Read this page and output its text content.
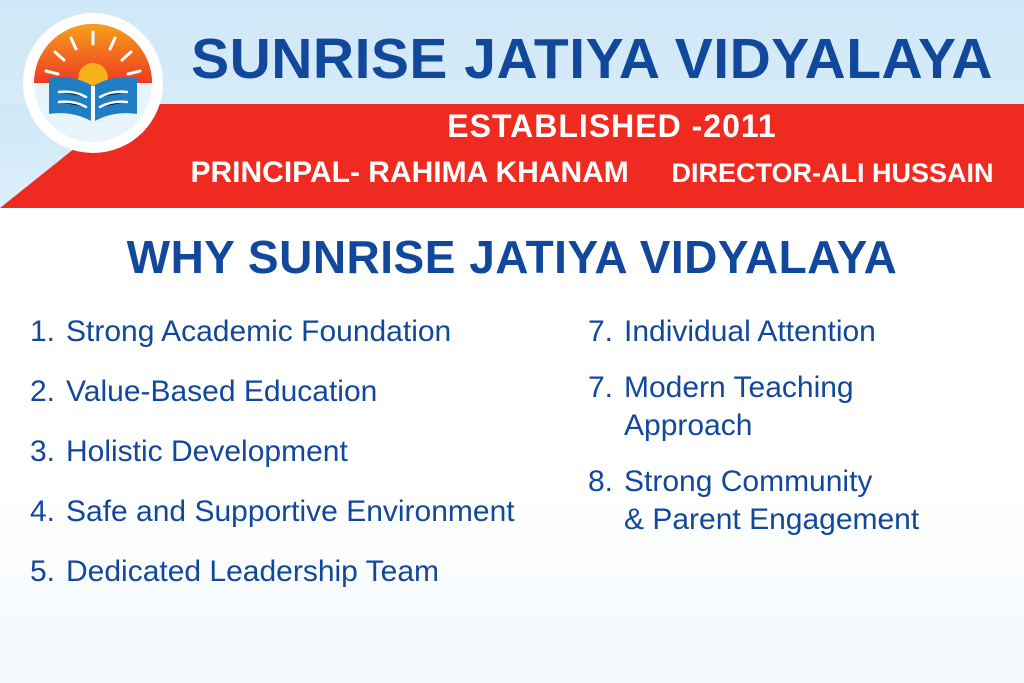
SUNRISE JATIYA VIDYALAYA
ESTABLISHED -2011
PRINCIPAL- RAHIMA KHANAM DIRECTOR-ALI HUSSAIN
WHY SUNRISE JATIYA VIDYALAYA
1. Strong Academic Foundation
2. Value-Based Education
3. Holistic Development
4. Safe and Supportive Environment
5. Dedicated Leadership Team
7. Individual Attention
7. Modern Teaching
Approach
8. Strong Community
& Parent Engagement
